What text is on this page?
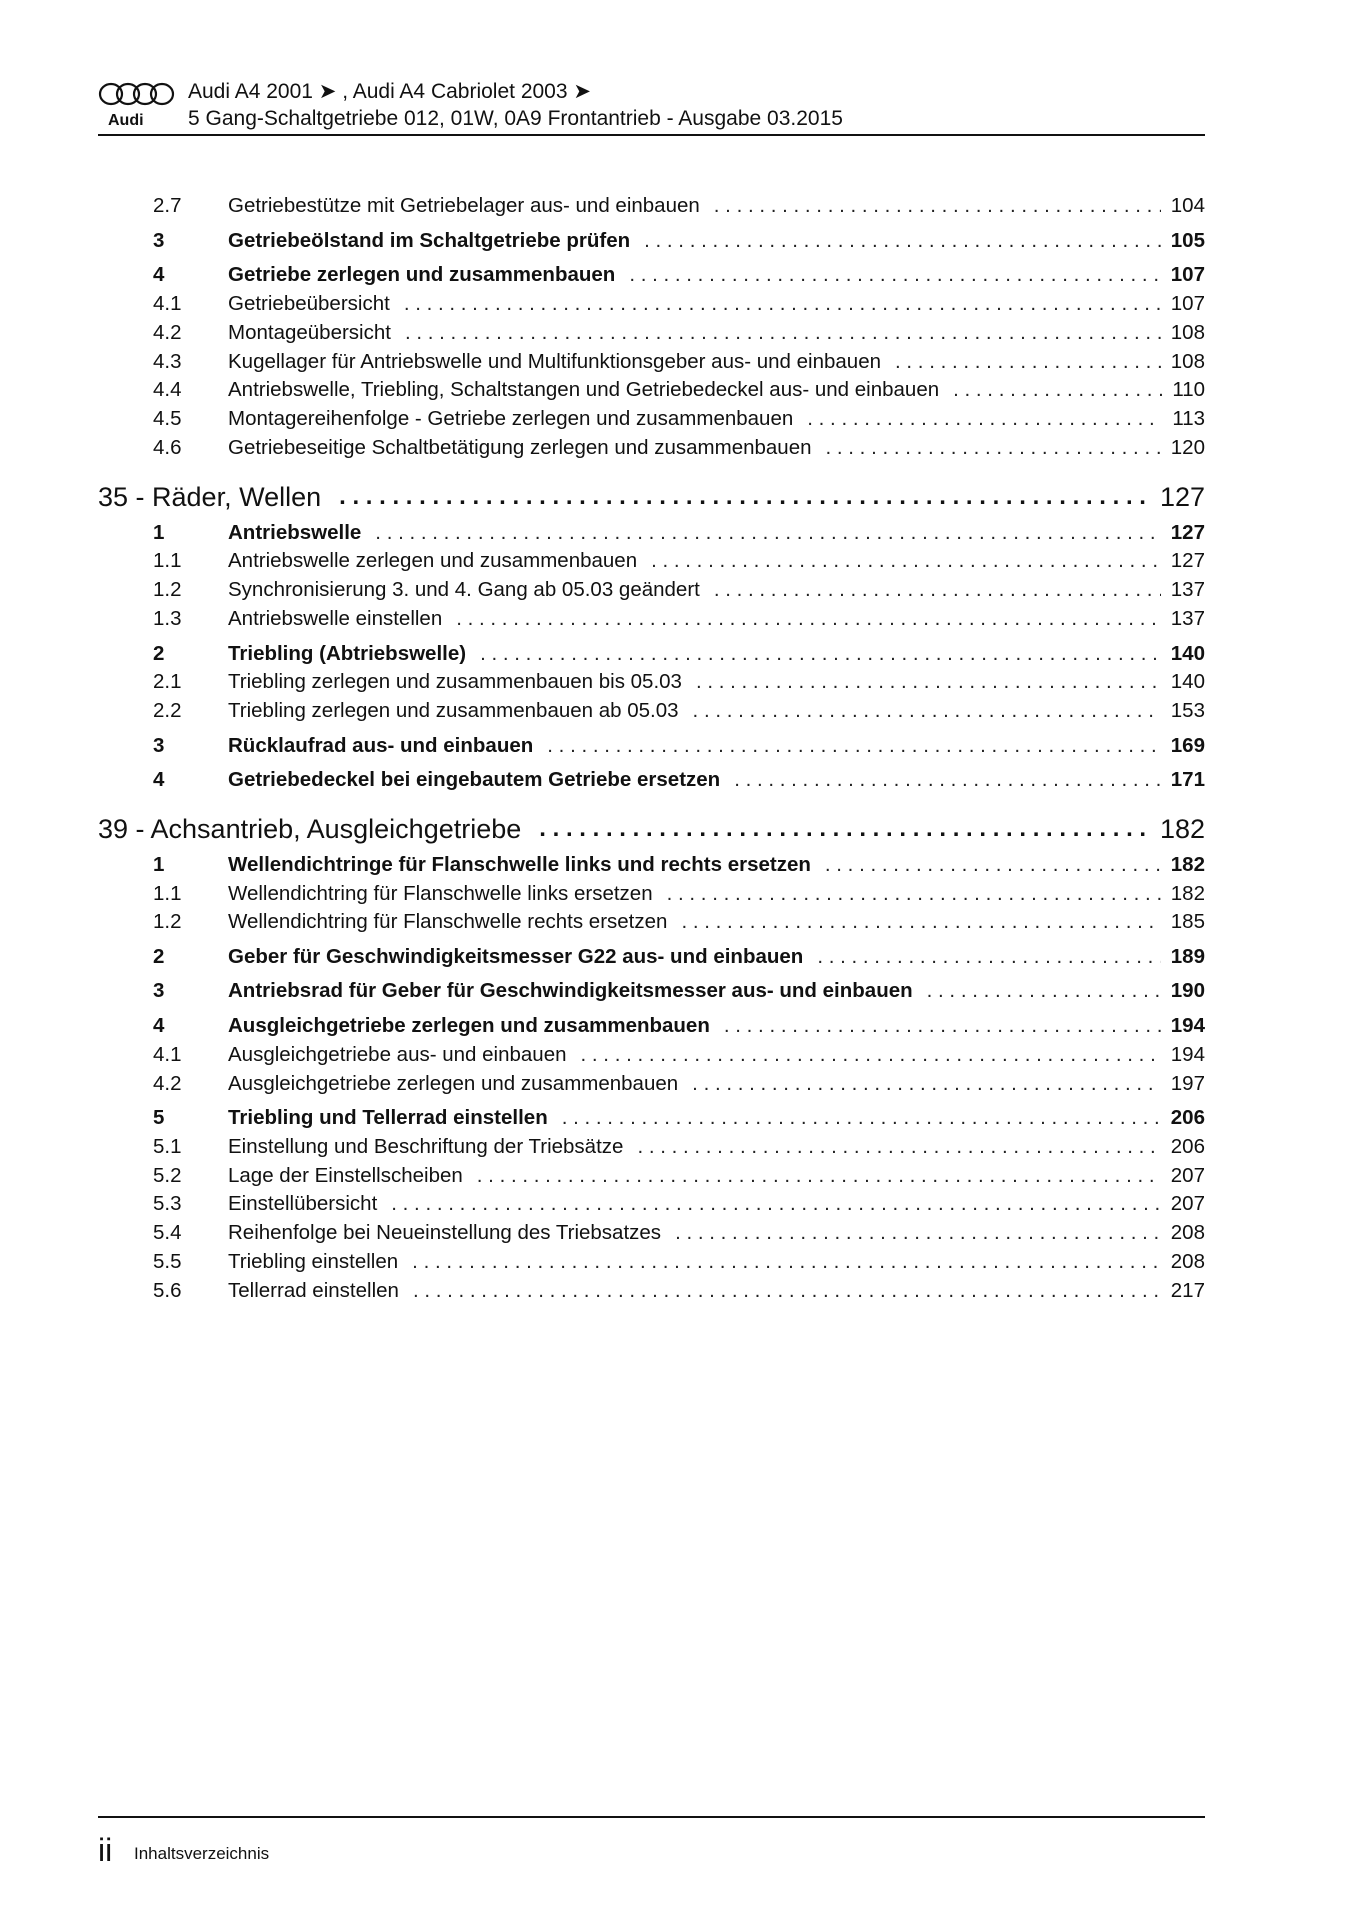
Audi
Audi A4 2001 ➤ , Audi A4 Cabriolet 2003 ➤
5 Gang-Schaltgetriebe 012, 01W, 0A9 Frontantrieb - Ausgabe 03.2015
2.7	Getriebestütze mit Getriebelager aus- und einbauen . . .	104
3	Getriebeölstand im Schaltgetriebe prüfen . . .	105
4	Getriebe zerlegen und zusammenbauen . . .	107
4.1	Getriebeübersicht . . .	107
4.2	Montageübersicht . . .	108
4.3	Kugellager für Antriebswelle und Multifunktionsgeber aus- und einbauen . . .	108
4.4	Antriebswelle, Triebling, Schaltstangen und Getriebedeckel aus- und einbauen . . .	110
4.5	Montagereihenfolge - Getriebe zerlegen und zusammenbauen . . .	113
4.6	Getriebeseitige Schaltbetätigung zerlegen und zusammenbauen . . .	120
35 - Räder, Wellen . . .	127
1	Antriebswelle . . .	127
1.1	Antriebswelle zerlegen und zusammenbauen . . .	127
1.2	Synchronisierung 3. und 4. Gang ab 05.03 geändert . . .	137
1.3	Antriebswelle einstellen . . .	137
2	Triebling (Abtriebswelle) . . .	140
2.1	Triebling zerlegen und zusammenbauen bis 05.03 . . .	140
2.2	Triebling zerlegen und zusammenbauen ab 05.03 . . .	153
3	Rücklaufrad aus- und einbauen . . .	169
4	Getriebedeckel bei eingebautem Getriebe ersetzen . . .	171
39 - Achsantrieb, Ausgleichgetriebe . . .	182
1	Wellendichtringe für Flanschwelle links und rechts ersetzen . . .	182
1.1	Wellendichtring für Flanschwelle links ersetzen . . .	182
1.2	Wellendichtring für Flanschwelle rechts ersetzen . . .	185
2	Geber für Geschwindigkeitsmesser G22 aus- und einbauen . . .	189
3	Antriebsrad für Geber für Geschwindigkeitsmesser aus- und einbauen . . .	190
4	Ausgleichgetriebe zerlegen und zusammenbauen . . .	194
4.1	Ausgleichgetriebe aus- und einbauen . . .	194
4.2	Ausgleichgetriebe zerlegen und zusammenbauen . . .	197
5	Triebling und Tellerrad einstellen . . .	206
5.1	Einstellung und Beschriftung der Triebsätze . . .	206
5.2	Lage der Einstellscheiben . . .	207
5.3	Einstellübersicht . . .	207
5.4	Reihenfolge bei Neueinstellung des Triebsatzes . . .	208
5.5	Triebling einstellen . . .	208
5.6	Tellerrad einstellen . . .	217
ii Inhaltsverzeichnis
